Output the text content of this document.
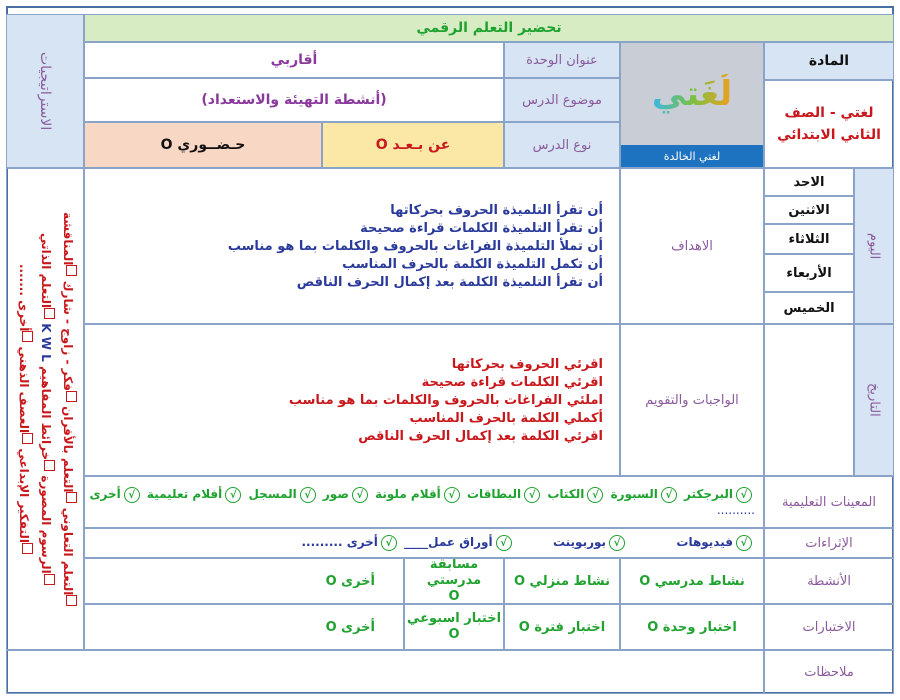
تحضير التعلم الرقمي
المادة
لغتي - الصف الثاني الابتدائي
لُغَتي
لغتي الخالدة
عنوان الوحدة
موضوع الدرس
نوع الدرس
أقاربي
(أنشطة التهيئة والاستعداد)
عن بـعـد O
حـضــوري O
الاستراتيجيات
التعلم التعاوني التعلم بالأقران فكر - زاوج - شارك المناقشة
الرسوم المصورة خرائط المفاهيم K W L التعلم الذاتي
التفكير الإبداعي العصف الذهني أخرى .......
اليوم
التاريخ
الاحد
الاثنين
الثلاثاء
الأربعاء
الخميس
الاهداف
أن تقرأ التلميذة الحروف بحركاتها
أن تقرأ التلميذة الكلمات قراءة صحيحة
أن تملأ التلميذة الفراغات بالحروف والكلمات بما هو مناسب
أن تكمل التلميذة الكلمة بالحرف المناسب
أن تقرأ التلميذة الكلمة بعد إكمال الحرف الناقص
الواجبات والتقويم
اقرئي الحروف بحركاتها
اقرئي الكلمات قراءة صحيحة
املئي الفراغات بالحروف والكلمات بما هو مناسب
أكملي الكلمة بالحرف المناسب
اقرئي الكلمة بعد إكمال الحرف الناقص
المعينات التعليمية
√البرجكتر √السبورة √الكتاب √البطاقات √أقلام ملونة √صور √المسجل √أفلام تعليمية √أخرى
..........
الإثراءات
√فيديوهات  √بوربوينت  √أوراق عمل____ √أخرى .........
الأنشطة
نشاط مدرسي O
نشاط منزلي O
مسابقة مدرستي
O
أخرى O
الاختبارات
اختبار وحدة O
اختبار فترة O
اختبار اسبوعي
O
أخرى O
ملاحظات
